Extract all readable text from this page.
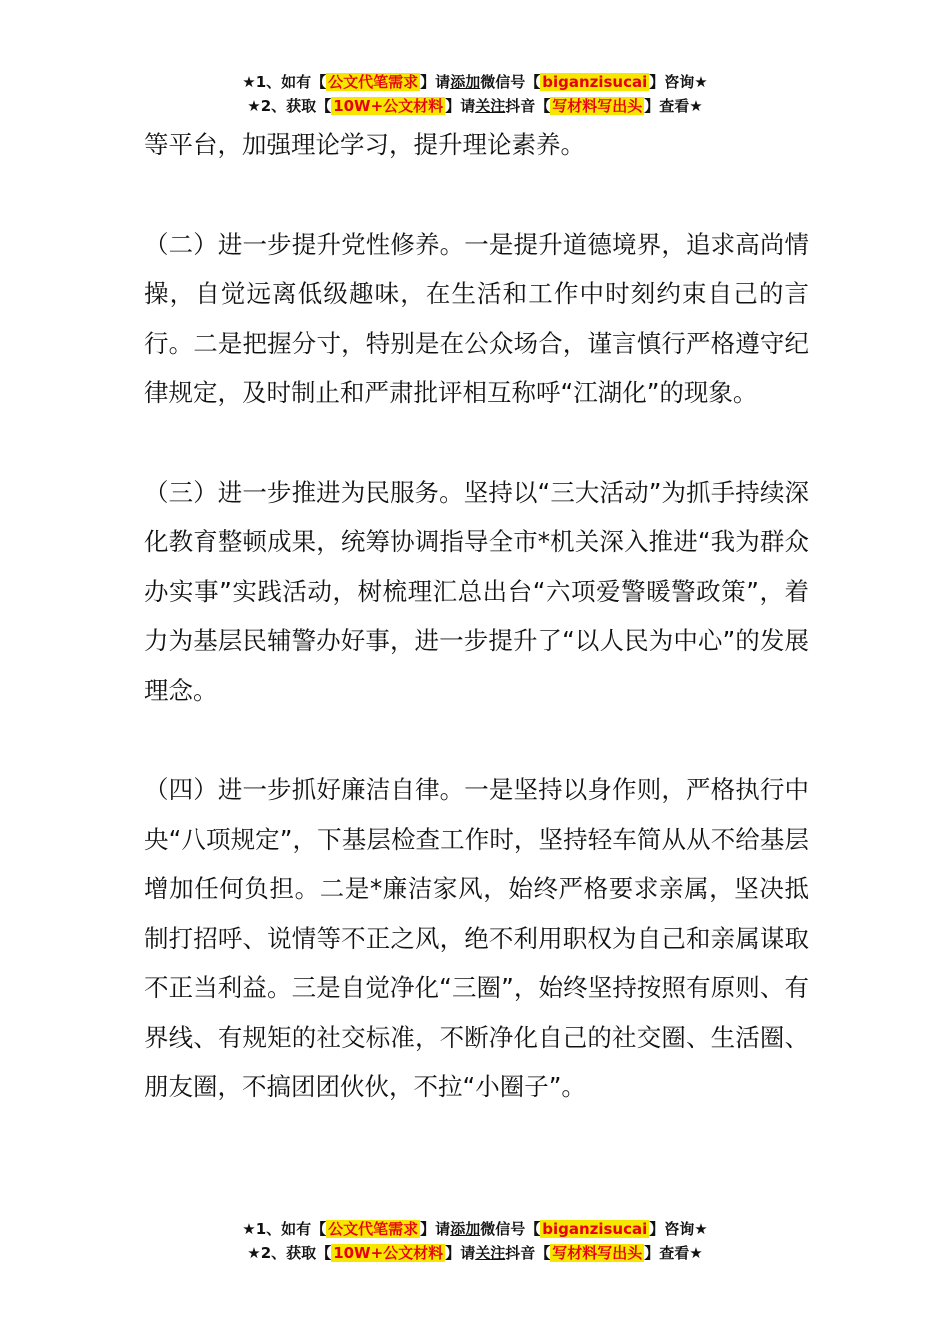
★1、如有【 公文代笔需求 】请添加微信号【 biganzisucai 】咨询★
★2、获取【 10W+公文材料 】请关注抖音【 写材料写出头 】查看★

等平台，加强理论学习，提升理论素养。

（二）进一步提升党性修养。一是提升道德境界，追求高尚情操，自觉远离低级趣味，在生活和工作中时刻约束自己的言行。二是把握分寸，特别是在公众场合，谨言慎行严格遵守纪律规定，及时制止和严肃批评相互称呼“江湖化”的现象。

（三）进一步推进为民服务。坚持以“三大活动”为抓手持续深化教育整顿成果，统筹协调指导全市*机关深入推进“我为群众办实事”实践活动，树梳理汇总出台“六项爱警暖警政策”，着力为基层民辅警办好事，进一步提升了“以人民为中心”的发展理念。

（四）进一步抓好廉洁自律。一是坚持以身作则，严格执行中央“八项规定”，下基层检查工作时，坚持轻车简从从不给基层增加任何负担。二是*廉洁家风，始终严格要求亲属，坚决抵制打招呼、说情等不正之风，绝不利用职权为自己和亲属谋取不正当利益。三是自觉净化“三圈”，始终坚持按照有原则、有界线、有规矩的社交标准，不断净化自己的社交圈、生活圈、朋友圈，不搞团团伙伙，不拉“小圈子”。

★1、如有【 公文代笔需求 】请添加微信号【 biganzisucai 】咨询★
★2、获取【 10W+公文材料 】请关注抖音【 写材料写出头 】查看★
